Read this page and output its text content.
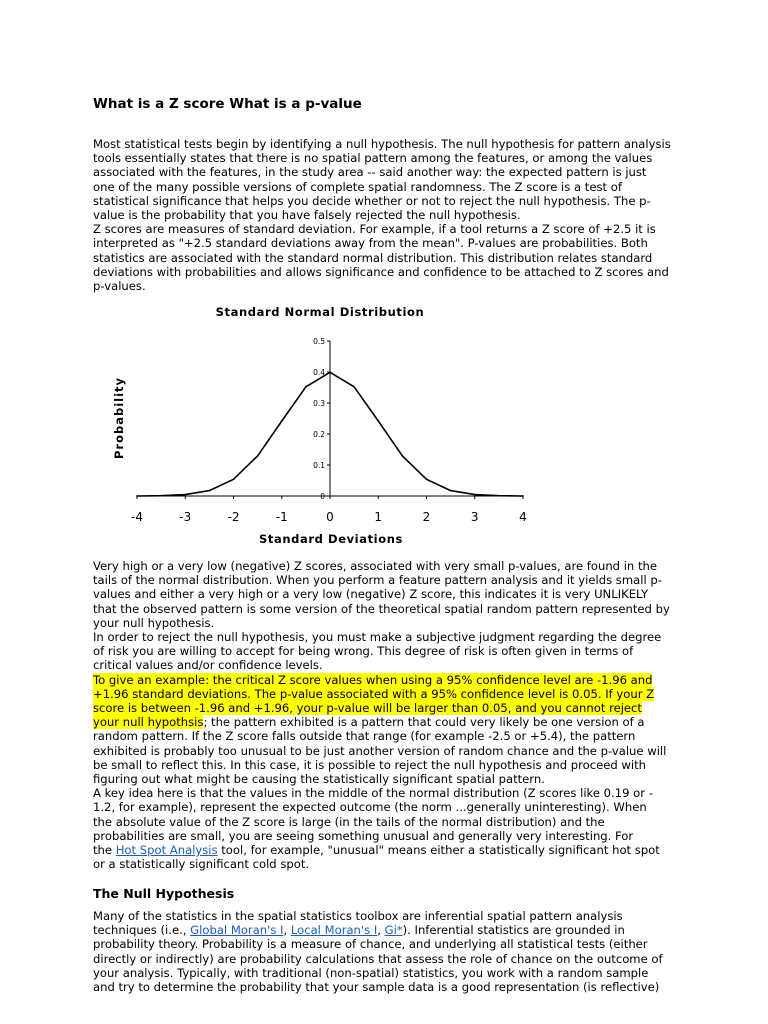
What is a Z score What is a p-value
Most statistical tests begin by identifying a null hypothesis. The null hypothesis for pattern analysis
tools essentially states that there is no spatial pattern among the features, or among the values
associated with the features, in the study area -- said another way: the expected pattern is just
one of the many possible versions of complete spatial randomness. The Z score is a test of
statistical significance that helps you decide whether or not to reject the null hypothesis. The p-
value is the probability that you have falsely rejected the null hypothesis.
Z scores are measures of standard deviation. For example, if a tool returns a Z score of +2.5 it is
interpreted as "+2.5 standard deviations away from the mean". P-values are probabilities. Both
statistics are associated with the standard normal distribution. This distribution relates standard
deviations with probabilities and allows significance and confidence to be attached to Z scores and
p-values.
Standard Normal Distribution
Probability
Standard Deviations
0
0.1
0.2
0.3
0.4
0.5
-4	-3	-2	-1	0	1	2	3	4
Very high or a very low (negative) Z scores, associated with very small p-values, are found in the
tails of the normal distribution. When you perform a feature pattern analysis and it yields small p-
values and either a very high or a very low (negative) Z score, this indicates it is very UNLIKELY
that the observed pattern is some version of the theoretical spatial random pattern represented by
your null hypothesis.
In order to reject the null hypothesis, you must make a subjective judgment regarding the degree
of risk you are willing to accept for being wrong. This degree of risk is often given in terms of
critical values and/or confidence levels.
To give an example: the critical Z score values when using a 95% confidence level are -1.96 and
+1.96 standard deviations. The p-value associated with a 95% confidence level is 0.05. If your Z
score is between -1.96 and +1.96, your p-value will be larger than 0.05, and you cannot reject
your null hypothsis; the pattern exhibited is a pattern that could very likely be one version of a
random pattern. If the Z score falls outside that range (for example -2.5 or +5.4), the pattern
exhibited is probably too unusual to be just another version of random chance and the p-value will
be small to reflect this. In this case, it is possible to reject the null hypothesis and proceed with
figuring out what might be causing the statistically significant spatial pattern.
A key idea here is that the values in the middle of the normal distribution (Z scores like 0.19 or -
1.2, for example), represent the expected outcome (the norm ...generally uninteresting). When
the absolute value of the Z score is large (in the tails of the normal distribution) and the
probabilities are small, you are seeing something unusual and generally very interesting. For
the Hot Spot Analysis tool, for example, "unusual" means either a statistically significant hot spot
or a statistically significant cold spot.
The Null Hypothesis
Many of the statistics in the spatial statistics toolbox are inferential spatial pattern analysis
techniques (i.e., Global Moran's I, Local Moran's I, Gi*). Inferential statistics are grounded in
probability theory. Probability is a measure of chance, and underlying all statistical tests (either
directly or indirectly) are probability calculations that assess the role of chance on the outcome of
your analysis. Typically, with traditional (non-spatial) statistics, you work with a random sample
and try to determine the probability that your sample data is a good representation (is reflective)
